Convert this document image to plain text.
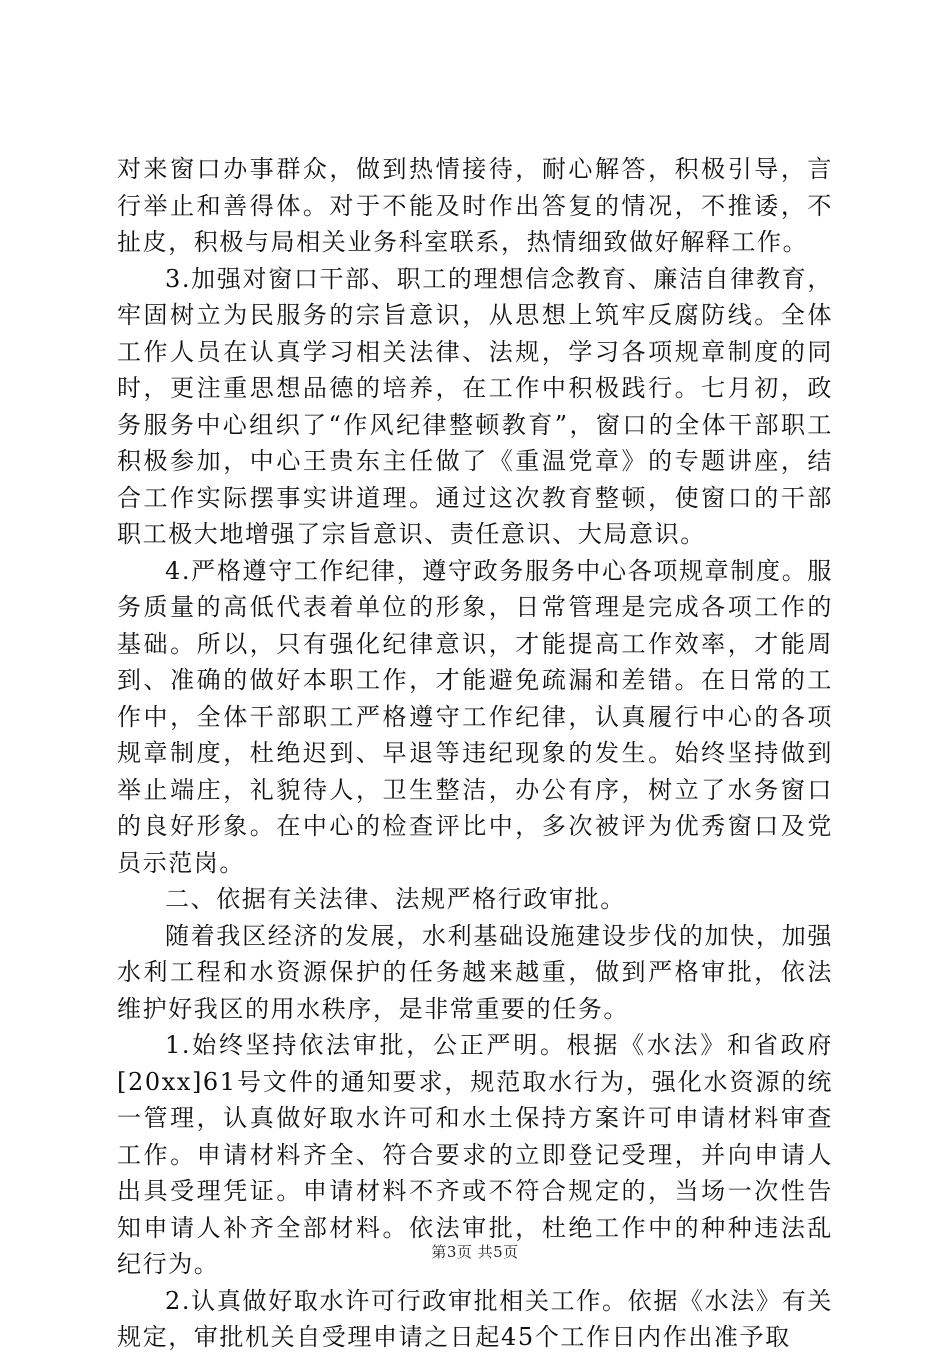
对来窗口办事群众，做到热情接待，耐心解答，积极引导，言行举止和善得体。对于不能及时作出答复的情况，不推诿，不扯皮，积极与局相关业务科室联系，热情细致做好解释工作。

3.加强对窗口干部、职工的理想信念教育、廉洁自律教育，牢固树立为民服务的宗旨意识，从思想上筑牢反腐防线。全体工作人员在认真学习相关法律、法规，学习各项规章制度的同时，更注重思想品德的培养，在工作中积极践行。七月初，政务服务中心组织了“作风纪律整顿教育”，窗口的全体干部职工积极参加，中心王贵东主任做了《重温党章》的专题讲座，结合工作实际摆事实讲道理。通过这次教育整顿，使窗口的干部职工极大地增强了宗旨意识、责任意识、大局意识。

4.严格遵守工作纪律，遵守政务服务中心各项规章制度。服务质量的高低代表着单位的形象，日常管理是完成各项工作的基础。所以，只有强化纪律意识，才能提高工作效率，才能周到、准确的做好本职工作，才能避免疏漏和差错。在日常的工作中，全体干部职工严格遵守工作纪律，认真履行中心的各项规章制度，杜绝迟到、早退等违纪现象的发生。始终坚持做到举止端庄，礼貌待人，卫生整洁，办公有序，树立了水务窗口的良好形象。在中心的检查评比中，多次被评为优秀窗口及党员示范岗。

二、依据有关法律、法规严格行政审批。

随着我区经济的发展，水利基础设施建设步伐的加快，加强水利工程和水资源保护的任务越来越重，做到严格审批，依法维护好我区的用水秩序，是非常重要的任务。

1.始终坚持依法审批，公正严明。根据《水法》和省政府[20xx]61号文件的通知要求，规范取水行为，强化水资源的统一管理，认真做好取水许可和水土保持方案许可申请材料审查工作。申请材料齐全、符合要求的立即登记受理，并向申请人出具受理凭证。申请材料不齐或不符合规定的，当场一次性告知申请人补齐全部材料。依法审批，杜绝工作中的种种违法乱纪行为。

2.认真做好取水许可行政审批相关工作。依据《水法》有关规定，审批机关自受理申请之日起45个工作日内作出准予取

第3页 共5页
